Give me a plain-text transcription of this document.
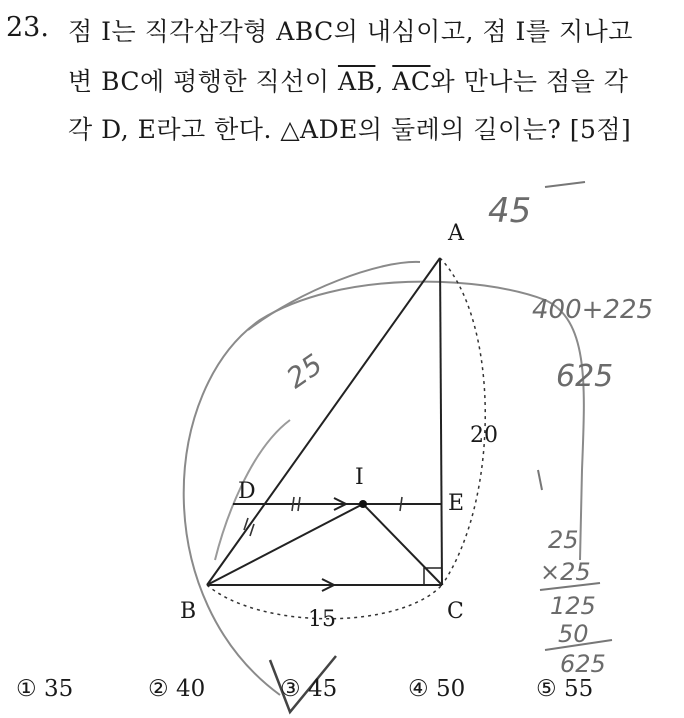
23. 점 I는 직각삼각형 ABC의 내심이고, 점 I를 지나고
변 BC에 평행한 직선이 $\overline{AB}$, $\overline{AC}$와 만나는 점을 각
각 D, E라고 한다. △ADE의 둘레의 길이는? [5점]
A
B	C
D	E
I
20
15
45
400+225
625
25
25
×25
125
50
625
① 35	② 40	③ 45	④ 50	⑤ 55
